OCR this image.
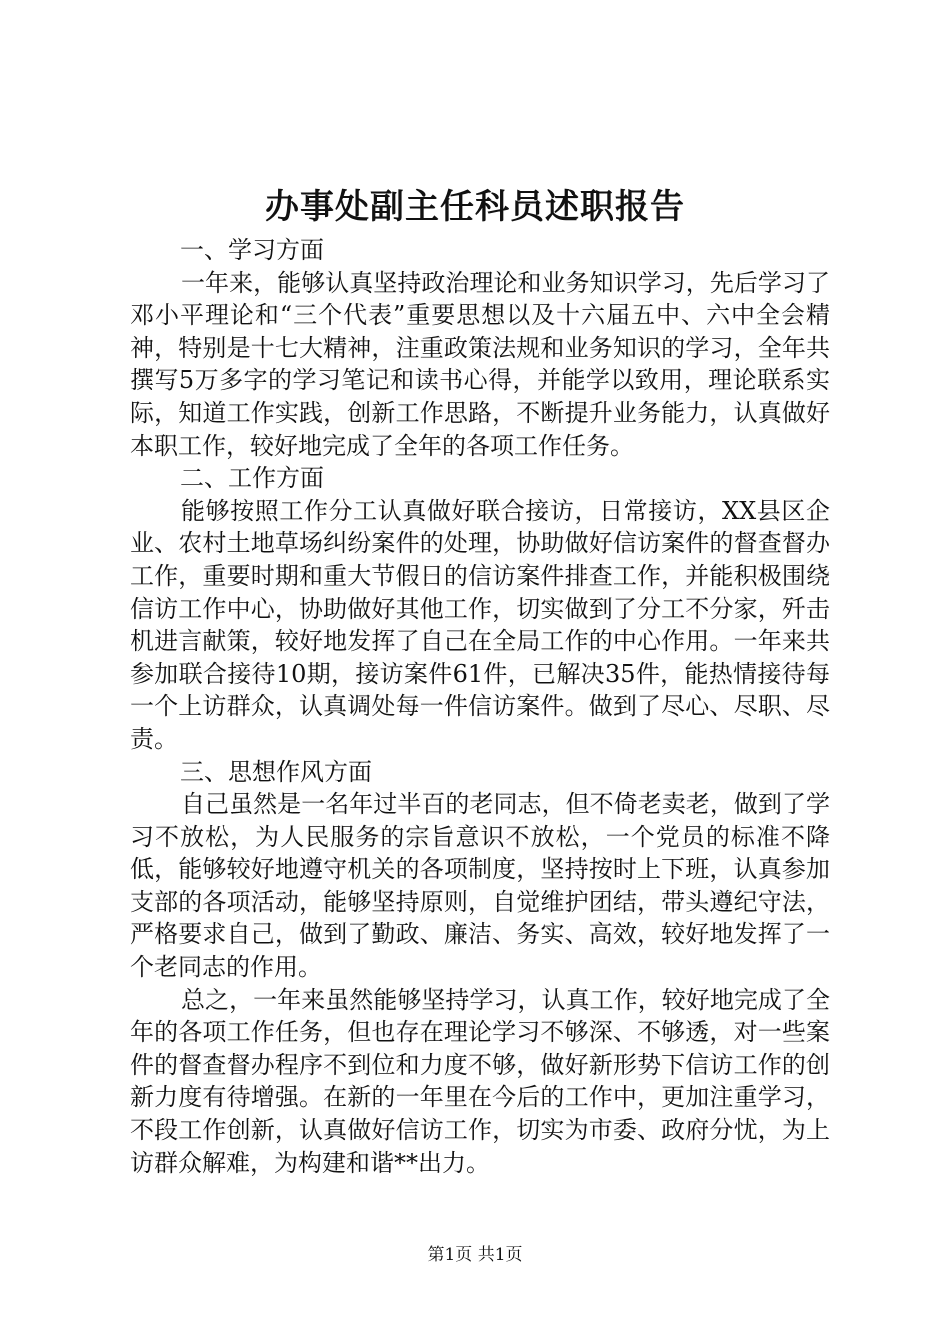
办事处副主任科员述职报告

一、学习方面

一年来，能够认真坚持政治理论和业务知识学习，先后学习了邓小平理论和“三个代表”重要思想以及十六届五中、六中全会精神，特别是十七大精神，注重政策法规和业务知识的学习，全年共撰写5万多字的学习笔记和读书心得，并能学以致用，理论联系实际，知道工作实践，创新工作思路，不断提升业务能力，认真做好本职工作，较好地完成了全年的各项工作任务。

二、工作方面

能够按照工作分工认真做好联合接访，日常接访，XX县区企业、农村土地草场纠纷案件的处理，协助做好信访案件的督查督办工作，重要时期和重大节假日的信访案件排查工作，并能积极围绕信访工作中心，协助做好其他工作，切实做到了分工不分家，歼击机进言献策，较好地发挥了自己在全局工作的中心作用。一年来共参加联合接待10期，接访案件61件，已解决35件，能热情接待每一个上访群众，认真调处每一件信访案件。做到了尽心、尽职、尽责。

三、思想作风方面

自己虽然是一名年过半百的老同志，但不倚老卖老，做到了学习不放松，为人民服务的宗旨意识不放松，一个党员的标准不降低，能够较好地遵守机关的各项制度，坚持按时上下班，认真参加支部的各项活动，能够坚持原则，自觉维护团结，带头遵纪守法，严格要求自己，做到了勤政、廉洁、务实、高效，较好地发挥了一个老同志的作用。

总之，一年来虽然能够坚持学习，认真工作，较好地完成了全年的各项工作任务，但也存在理论学习不够深、不够透，对一些案件的督查督办程序不到位和力度不够，做好新形势下信访工作的创新力度有待增强。在新的一年里在今后的工作中，更加注重学习，不段工作创新，认真做好信访工作，切实为市委、政府分忧，为上访群众解难，为构建和谐**出力。

第1页 共1页
